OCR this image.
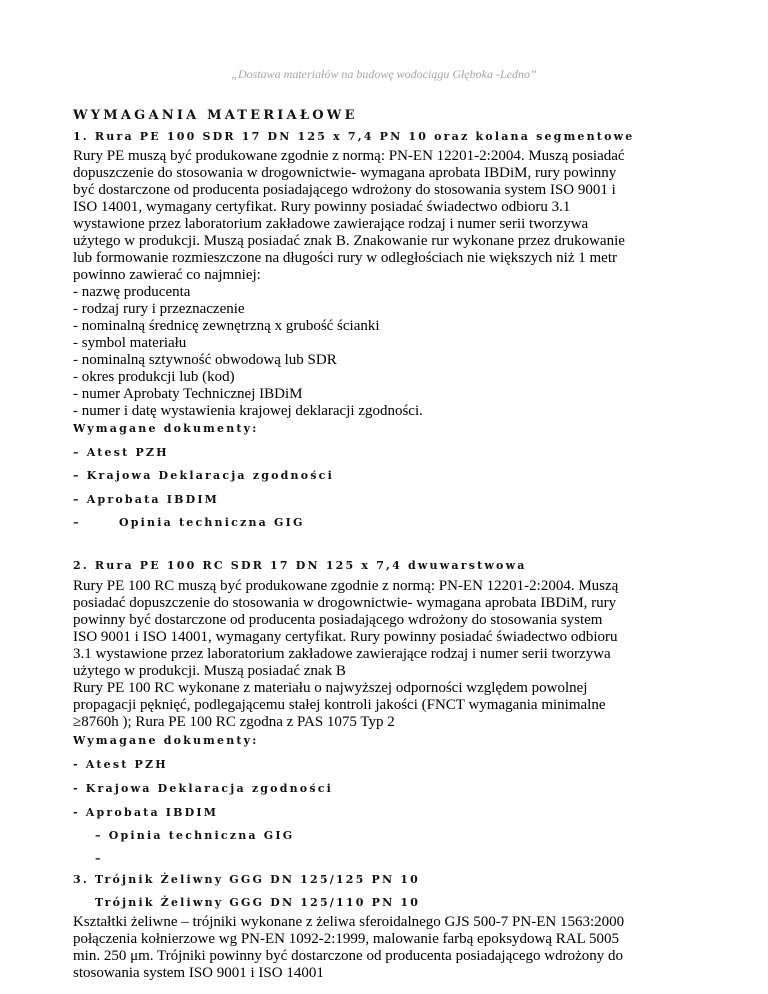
„Dostawa materiałów na budowę wodociągu Głęboka -Ledno”
WYMAGANIA MATERIAŁOWE
1. Rura PE 100 SDR 17 DN 125 x 7,4 PN 10 oraz kolana segmentowe
Rury PE muszą być produkowane zgodnie z normą: PN-EN 12201-2:2004. Muszą posiadać
dopuszczenie do stosowania w drogownictwie- wymagana aprobata IBDiM, rury powinny
być dostarczone od producenta posiadającego wdrożony do stosowania system ISO 9001 i
ISO 14001, wymagany certyfikat. Rury powinny posiadać świadectwo odbioru 3.1
wystawione przez laboratorium zakładowe zawierające rodzaj i numer serii tworzywa
użytego w produkcji. Muszą posiadać znak B. Znakowanie rur wykonane przez drukowanie
lub formowanie rozmieszczone na długości rury w odległościach nie większych niż 1 metr
powinno zawierać co najmniej:
- nazwę producenta
- rodzaj rury i przeznaczenie
- nominalną średnicę zewnętrzną x grubość ścianki
- symbol materiału
- nominalną sztywność obwodową lub SDR
- okres produkcji lub (kod)
- numer Aprobaty Technicznej IBDiM
- numer i datę wystawienia krajowej deklaracji zgodności.
Wymagane dokumenty:
– Atest PZH
– Krajowa Deklaracja zgodności
– Aprobata IBDIM
–	Opinia techniczna GIG
2. Rura PE 100 RC SDR 17 DN 125 x 7,4 dwuwarstwowa
Rury PE 100 RC muszą być produkowane zgodnie z normą: PN-EN 12201-2:2004. Muszą
posiadać dopuszczenie do stosowania w drogownictwie- wymagana aprobata IBDiM, rury
powinny być dostarczone od producenta posiadającego wdrożony do stosowania system
ISO 9001 i ISO 14001, wymagany certyfikat. Rury powinny posiadać świadectwo odbioru
3.1 wystawione przez laboratorium zakładowe zawierające rodzaj i numer serii tworzywa
użytego w produkcji. Muszą posiadać znak B
Rury PE 100 RC wykonane z materiału o najwyższej odporności względem powolnej
propagacji pęknięć, podlegającemu stałej kontroli jakości (FNCT wymagania minimalne
≥8760h ); Rura PE 100 RC zgodna z PAS 1075 Typ 2
Wymagane dokumenty:
- Atest PZH
- Krajowa Deklaracja zgodności
- Aprobata IBDIM
– Opinia techniczna GIG
–
3. Trójnik Żeliwny GGG DN 125/125 PN 10
Trójnik Żeliwny GGG DN 125/110 PN 10
Kształtki żeliwne – trójniki wykonane z żeliwa sferoidalnego GJS 500-7 PN-EN 1563:2000
połączenia kołnierzowe wg PN-EN 1092-2:1999, malowanie farbą epoksydową RAL 5005
min. 250 μm. Trójniki powinny być dostarczone od producenta posiadającego wdrożony do
stosowania system ISO 9001 i ISO 14001
